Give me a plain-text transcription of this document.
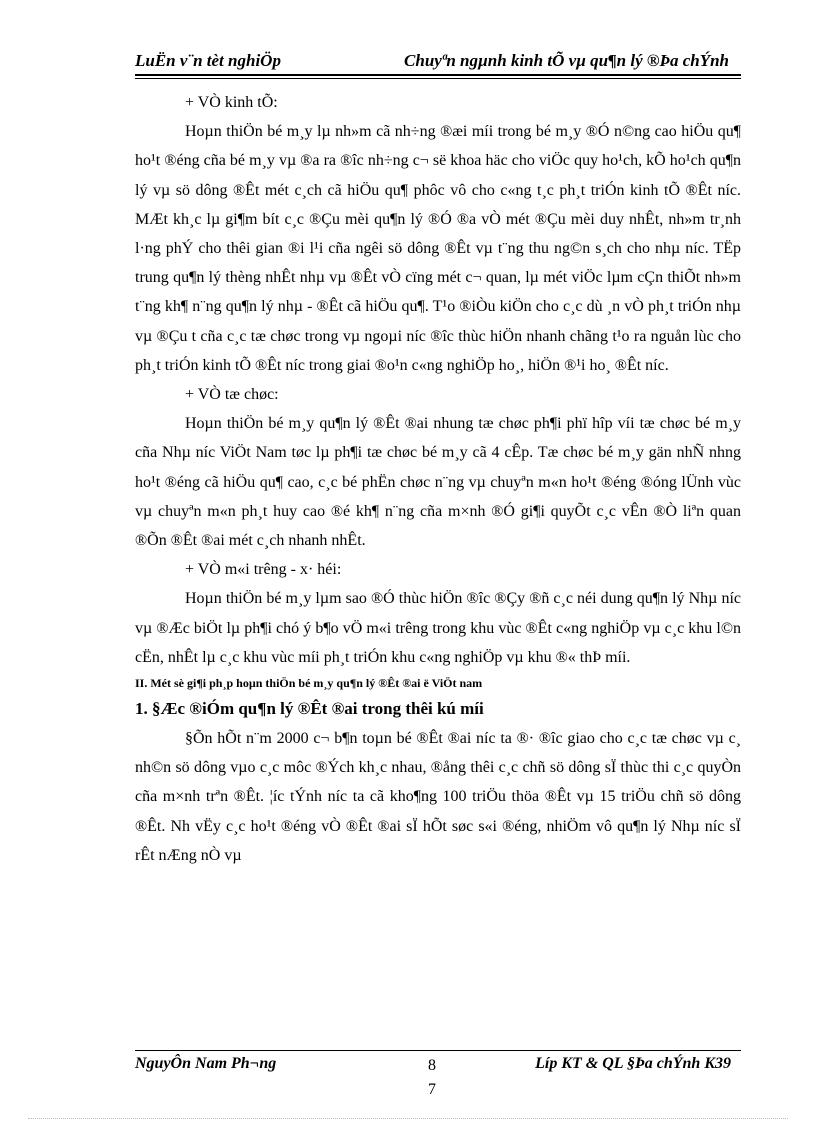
LuËn v¨n tèt nghiÖp	Chuyªn ngµnh kinh tÕ vµ qu¶n lý ®Þa chÝnh

+ VÒ kinh tÕ:

Hoµn thiÖn bé m¸y lµ nh»m cã nh÷ng ®æi míi trong bé m¸y ®Ó n©ng cao hiÖu qu¶ ho¹t ®éng cña bé m¸y vµ ®a ra ®îc nh÷ng c¬ së khoa häc cho viÖc quy ho¹ch, kÕ ho¹ch qu¶n lý vµ sö dông ®Êt mét c¸ch cã hiÖu qu¶ phôc vô cho c«ng t¸c ph¸t triÓn kinh tÕ ®Êt níc. MÆt kh¸c lµ gi¶m bít c¸c ®Çu mèi qu¶n lý ®Ó ®a vÒ mét ®Çu mèi duy nhÊt, nh»m tr¸nh l·ng phÝ cho thêi gian ®i l¹i cña ngêi sö dông ®Êt vµ t¨ng thu ng©n s¸ch cho nhµ níc. TËp trung qu¶n lý thèng nhÊt nhµ vµ ®Êt vÒ cïng mét c¬ quan, lµ mét viÖc lµm cÇn thiÕt nh»m t¨ng kh¶ n¨ng qu¶n lý nhµ - ®Êt cã hiÖu qu¶. T¹o ®iÒu kiÖn cho c¸c dù ¸n vÒ ph¸t triÓn nhµ vµ ®Çu t cña c¸c tæ chøc trong vµ ngoµi níc ®îc thùc hiÖn nhanh chãng t¹o ra nguån lùc cho ph¸t triÓn kinh tÕ ®Êt níc trong giai ®o¹n c«ng nghiÖp ho¸, hiÖn ®¹i ho¸ ®Êt níc.

+ VÒ tæ chøc:

Hoµn thiÖn bé m¸y qu¶n lý ®Êt ®ai nhung tæ chøc ph¶i phï hîp víi tæ chøc bé m¸y cña Nhµ níc ViÖt Nam tøc lµ ph¶i tæ chøc bé m¸y cã 4 cÊp. Tæ chøc bé m¸y gän nhÑ nhng ho¹t ®éng cã hiÖu qu¶ cao, c¸c bé phËn chøc n¨ng vµ chuyªn m«n ho¹t ®éng ®óng lÜnh vùc vµ chuyªn m«n ph¸t huy cao ®é kh¶ n¨ng cña m×nh ®Ó gi¶i quyÕt c¸c vÊn ®Ò liªn quan ®Õn ®Êt ®ai mét c¸ch nhanh nhÊt.

+ VÒ m«i trêng - x· héi:

Hoµn thiÖn bé m¸y lµm sao ®Ó thùc hiÖn ®îc ®Çy ®ñ c¸c néi dung qu¶n lý Nhµ níc vµ ®Æc biÖt lµ ph¶i chó ý b¶o vÖ m«i trêng trong khu vùc ®Êt c«ng nghiÖp vµ c¸c khu l©n cËn, nhÊt lµ c¸c khu vùc míi ph¸t triÓn khu c«ng nghiÖp vµ khu ®« thÞ míi.

II. Mét sè gi¶i ph¸p hoµn thiÖn bé m¸y qu¶n lý ®Êt ®ai ë ViÖt nam

1. §Æc ®iÓm qu¶n lý ®Êt ®ai trong thêi kú míi

§Õn hÕt n¨m 2000 c¬ b¶n toµn bé ®Êt ®ai níc ta ®· ®îc giao cho c¸c tæ chøc vµ c¸ nh©n sö dông vµo c¸c môc ®Ých kh¸c nhau, ®ång thêi c¸c chñ sö dông sÏ thùc thi c¸c quyÒn cña m×nh trªn ®Êt. ¦íc tÝnh níc ta cã kho¶ng 100 triÖu thöa ®Êt vµ 15 triÖu chñ sö dông ®Êt. Nh vËy c¸c ho¹t ®éng vÒ ®Êt ®ai sÏ hÕt søc s«i ®éng, nhiÖm vô qu¶n lý Nhµ níc sÏ rÊt nÆng nÒ vµ

NguyÔn Nam Ph¬ng	Líp KT & QL §Þa chÝnh K39
8
7
